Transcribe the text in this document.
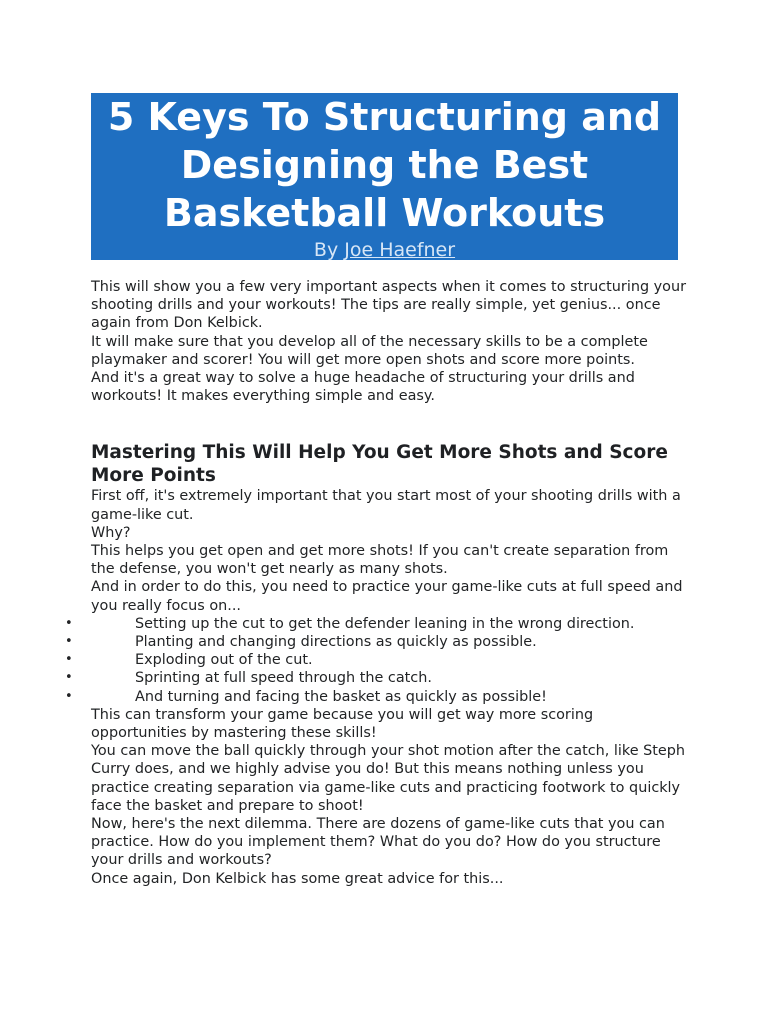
5 Keys To Structuring and Designing the Best Basketball Workouts
By Joe Haefner

This will show you a few very important aspects when it comes to structuring your shooting drills and your workouts! The tips are really simple, yet genius... once again from Don Kelbick.

It will make sure that you develop all of the necessary skills to be a complete playmaker and scorer! You will get more open shots and score more points.

And it's a great way to solve a huge headache of structuring your drills and workouts! It makes everything simple and easy.

Mastering This Will Help You Get More Shots and Score More Points

First off, it's extremely important that you start most of your shooting drills with a game-like cut.

Why?

This helps you get open and get more shots! If you can't create separation from the defense, you won't get nearly as many shots.

And in order to do this, you need to practice your game-like cuts at full speed and you really focus on...

•	Setting up the cut to get the defender leaning in the wrong direction.
•	Planting and changing directions as quickly as possible.
•	Exploding out of the cut.
•	Sprinting at full speed through the catch.
•	And turning and facing the basket as quickly as possible!

This can transform your game because you will get way more scoring opportunities by mastering these skills!

You can move the ball quickly through your shot motion after the catch, like Steph Curry does, and we highly advise you do! But this means nothing unless you practice creating separation via game-like cuts and practicing footwork to quickly face the basket and prepare to shoot!

Now, here's the next dilemma. There are dozens of game-like cuts that you can practice. How do you implement them? What do you do? How do you structure your drills and workouts?

Once again, Don Kelbick has some great advice for this...
